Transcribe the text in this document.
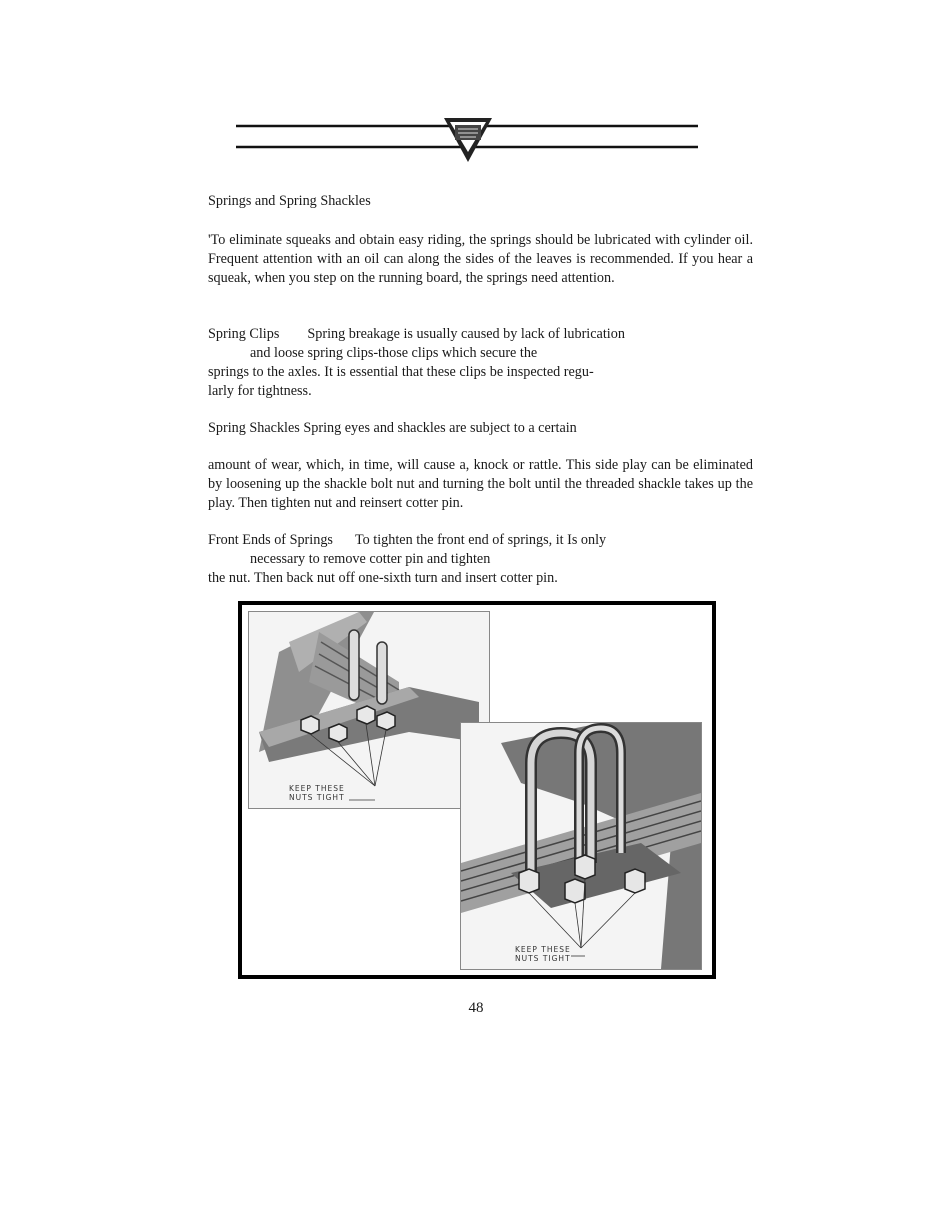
Springs and Spring Shackles
'To eliminate squeaks and obtain easy riding, the springs should be lubricated with cylinder oil. Frequent attention with an oil can along the sides of the leaves is recommended. If you hear a squeak, when you step on the running board, the springs need attention.
Spring Clips Spring breakage is usually caused by lack of lubrication
and loose spring clips-those clips which secure the
springs to the axles. It is essential that these clips be inspected regu-
larly for tightness.
Spring Shackles Spring eyes and shackles are subject to a certain
amount of wear, which, in time, will cause a, knock or rattle. This side play can be eliminated by loosening up the shackle bolt nut and turning the bolt until the threaded shackle takes up the play. Then tighten nut and reinsert cotter pin.
Front Ends of Springs To tighten the front end of springs, it Is only
necessary to remove cotter pin and tighten
the nut. Then back nut off one-sixth turn and insert cotter pin.
KEEP THESE
NUTS TIGHT
KEEP THESE
NUTS TIGHT
48
